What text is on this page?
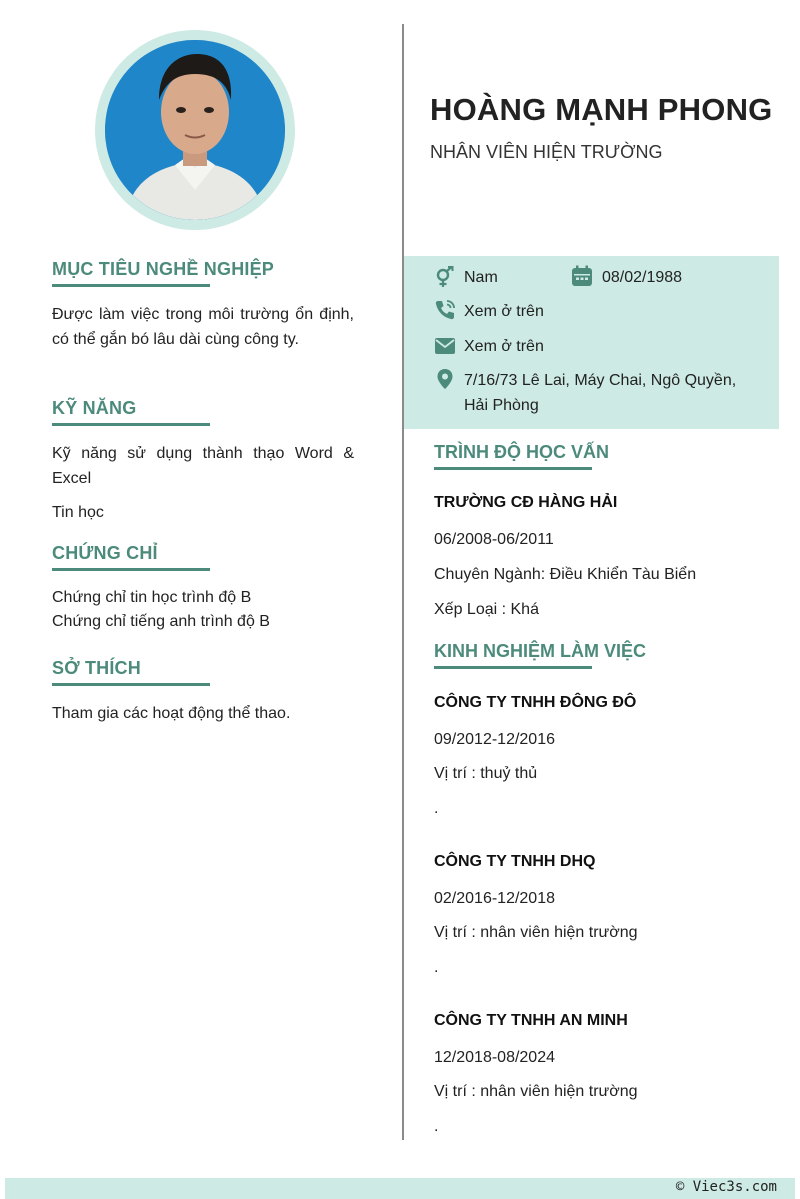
HOÀNG MẠNH PHONG
NHÂN VIÊN HIỆN TRƯỜNG
Nam	08/02/1988
Xem ở trên
Xem ở trên
7/16/73 Lê Lai, Máy Chai, Ngô Quyền,
Hải Phòng
MỤC TIÊU NGHỀ NGHIỆP
Được làm việc trong môi trường ổn định, có thể gắn bó lâu dài cùng công ty.
KỸ NĂNG
Kỹ năng sử dụng thành thạo Word & Excel
Tin học
CHỨNG CHỈ
Chứng chỉ tin học trình độ B
Chứng chỉ tiếng anh trình độ B
SỞ THÍCH
Tham gia các hoạt động thể thao.
TRÌNH ĐỘ HỌC VẤN
TRƯỜNG CĐ HÀNG HẢI
06/2008-06/2011
Chuyên Ngành: Điều Khiển Tàu Biển
Xếp Loại : Khá
KINH NGHIỆM LÀM VIỆC
CÔNG TY TNHH ĐÔNG ĐÔ
09/2012-12/2016
Vị trí : thuỷ thủ
.
CÔNG TY TNHH DHQ
02/2016-12/2018
Vị trí : nhân viên hiện trường
.
CÔNG TY TNHH AN MINH
12/2018-08/2024
Vị trí : nhân viên hiện trường
.
© Viec3s.com
